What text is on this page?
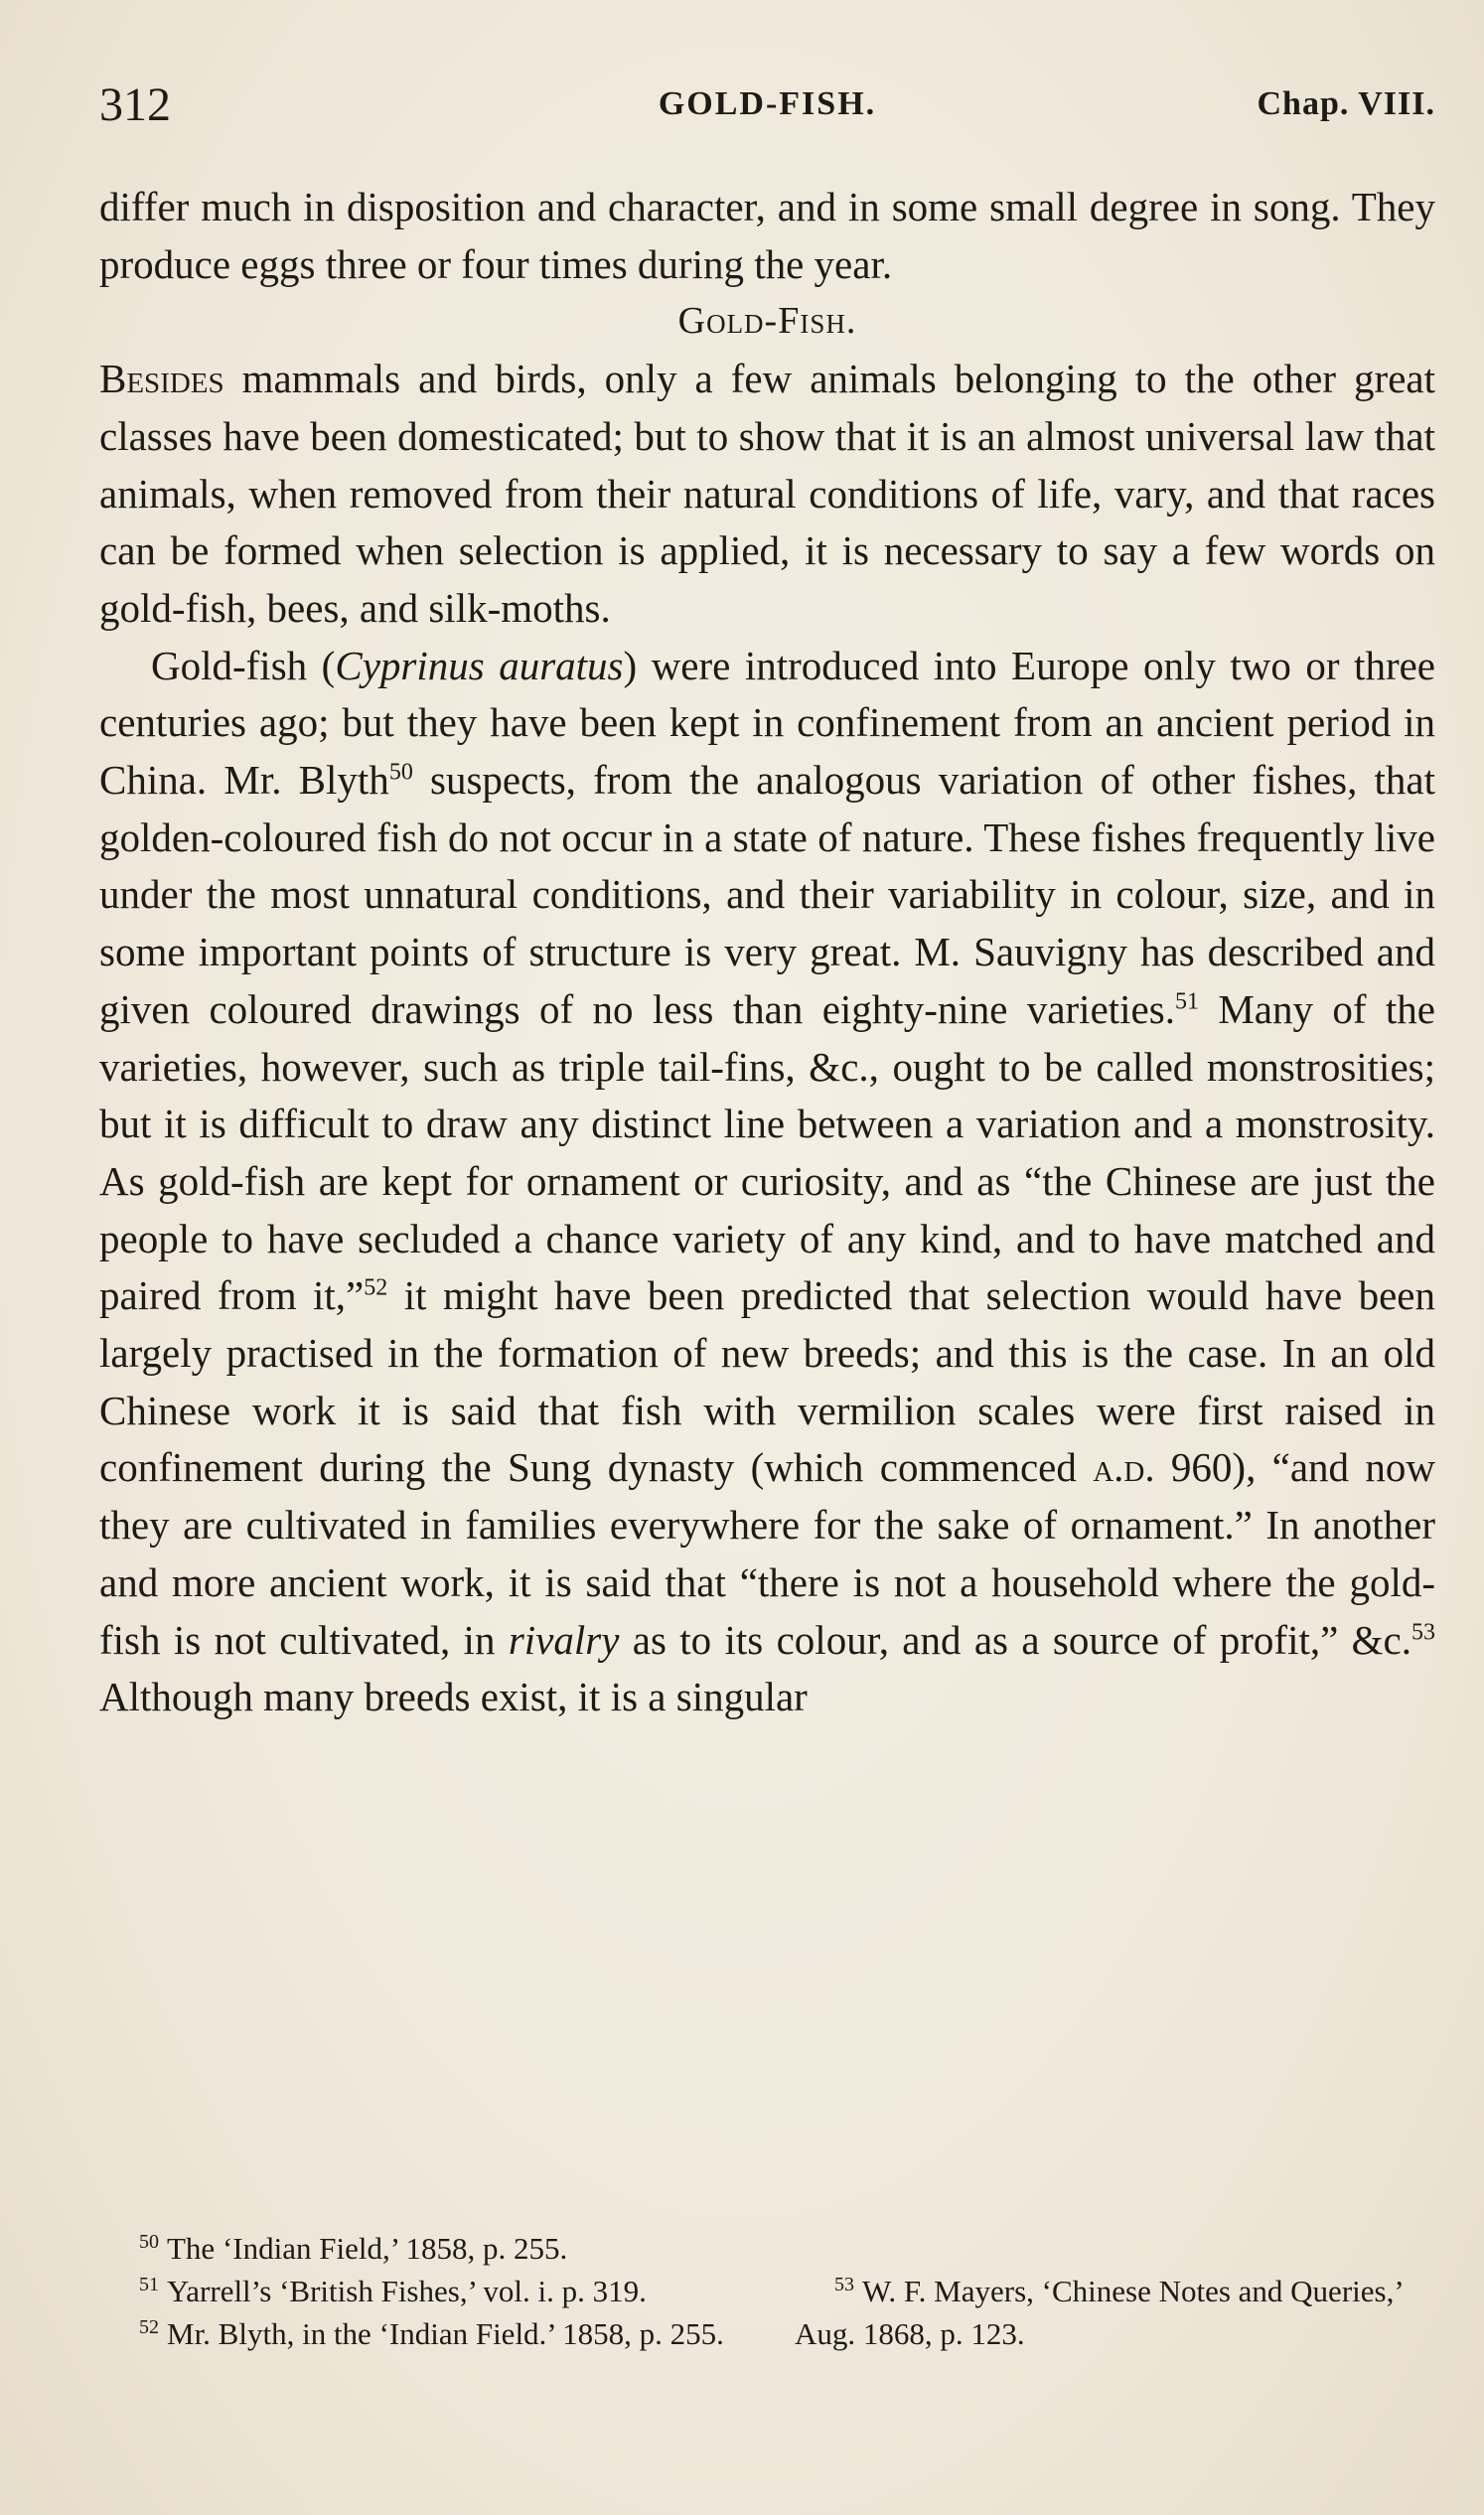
312	GOLD-FISH.	Chap. VIII.

differ much in disposition and character, and in some small degree in song. They produce eggs three or four times during the year.

Gold-Fish.

Besides mammals and birds, only a few animals belonging to the other great classes have been domesticated; but to show that it is an almost universal law that animals, when removed from their natural conditions of life, vary, and that races can be formed when selection is applied, it is necessary to say a few words on gold-fish, bees, and silk-moths.

Gold-fish (Cyprinus auratus) were introduced into Europe only two or three centuries ago; but they have been kept in confinement from an ancient period in China. Mr. Blyth$^{50}$ suspects, from the analogous variation of other fishes, that golden-coloured fish do not occur in a state of nature. These fishes frequently live under the most unnatural conditions, and their variability in colour, size, and in some important points of structure is very great. M. Sauvigny has described and given coloured drawings of no less than eighty-nine varieties.$^{51}$ Many of the varieties, however, such as triple tail-fins, &c., ought to be called monstrosities; but it is difficult to draw any distinct line between a variation and a monstrosity. As gold-fish are kept for ornament or curiosity, and as “the Chinese are just the people to have secluded a chance variety of any kind, and to have matched and paired from it,”$^{52}$ it might have been predicted that selection would have been largely practised in the formation of new breeds; and this is the case. In an old Chinese work it is said that fish with vermilion scales were first raised in confinement during the Sung dynasty (which commenced a.d. 960), “and now they are cultivated in families everywhere for the sake of ornament.” In another and more ancient work, it is said that “there is not a household where the gold-fish is not cultivated, in rivalry as to its colour, and as a source of profit,” &c.$^{53}$ Although many breeds exist, it is a singular

$^{50}$ The ‘Indian Field,’ 1858, p. 255.

$^{51}$ Yarrell’s ‘British Fishes,’ vol. i. p. 319.

$^{52}$ Mr. Blyth, in the ‘Indian Field.’ 1858, p. 255.

$^{53}$ W. F. Mayers, ‘Chinese Notes and Queries,’ Aug. 1868, p. 123.
